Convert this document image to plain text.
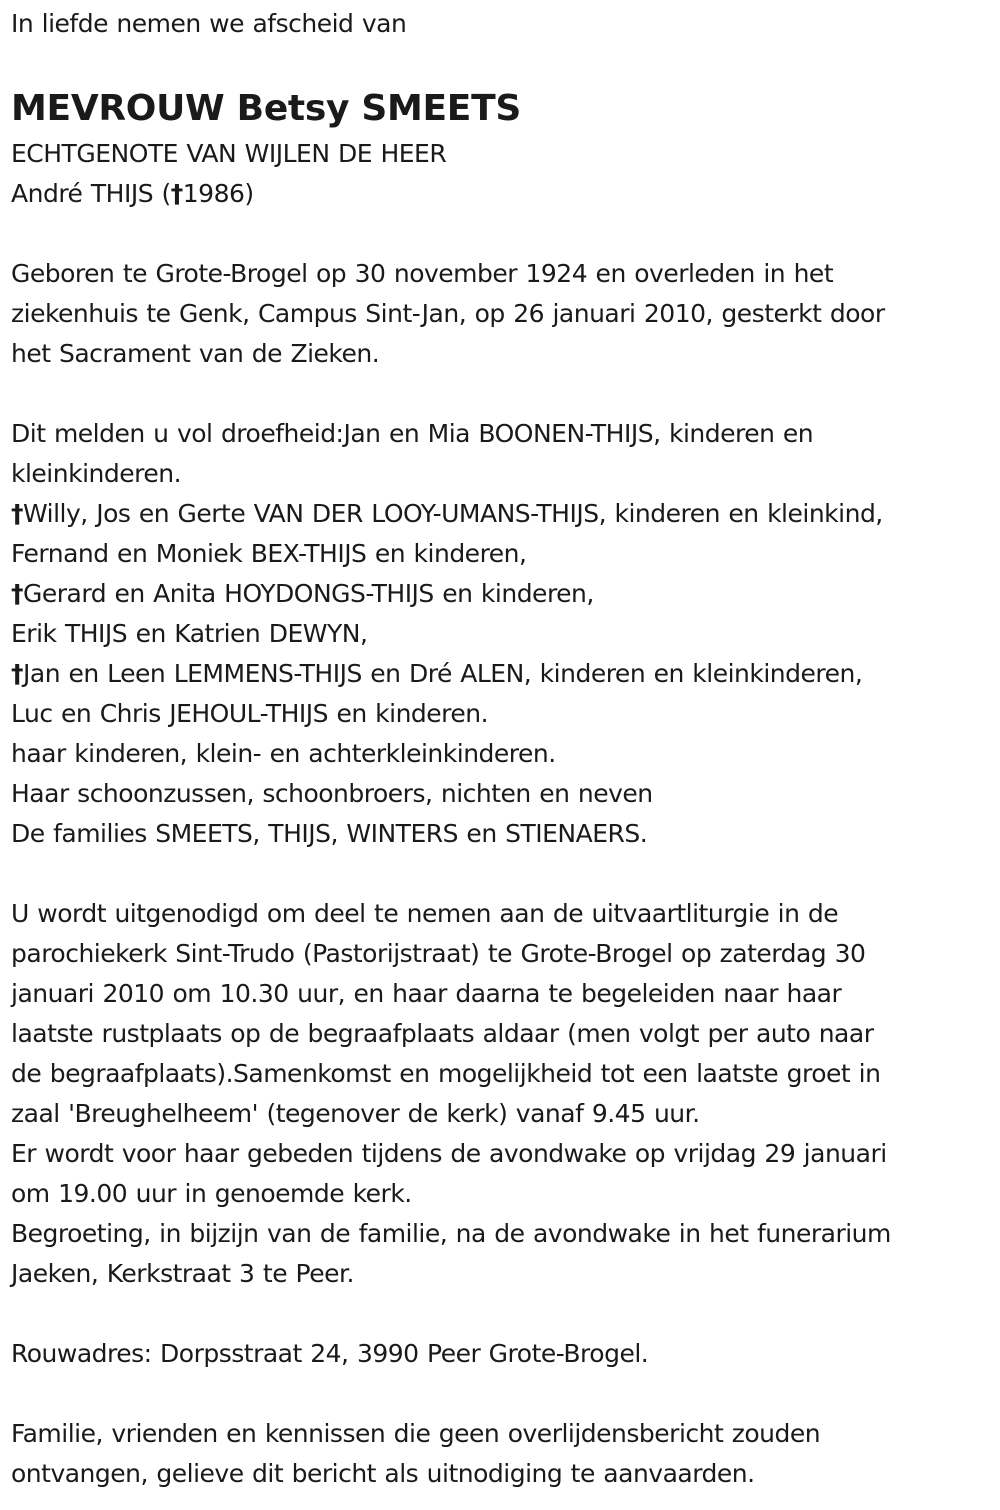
In liefde nemen we afscheid van
MEVROUW Betsy SMEETS
ECHTGENOTE VAN WIJLEN DE HEER
André THIJS (†1986)
Geboren te Grote-Brogel op 30 november 1924 en overleden in het
ziekenhuis te Genk, Campus Sint-Jan, op 26 januari 2010, gesterkt door
het Sacrament van de Zieken.
Dit melden u vol droefheid:Jan en Mia BOONEN-THIJS, kinderen en
kleinkinderen.
†Willy, Jos en Gerte VAN DER LOOY-UMANS-THIJS, kinderen en kleinkind,
Fernand en Moniek BEX-THIJS en kinderen,
†Gerard en Anita HOYDONGS-THIJS en kinderen,
Erik THIJS en Katrien DEWYN,
†Jan en Leen LEMMENS-THIJS en Dré ALEN, kinderen en kleinkinderen,
Luc en Chris JEHOUL-THIJS en kinderen.
haar kinderen, klein- en achterkleinkinderen.
Haar schoonzussen, schoonbroers, nichten en neven
De families SMEETS, THIJS, WINTERS en STIENAERS.
U wordt uitgenodigd om deel te nemen aan de uitvaartliturgie in de
parochiekerk Sint-Trudo (Pastorijstraat) te Grote-Brogel op zaterdag 30
januari 2010 om 10.30 uur, en haar daarna te begeleiden naar haar
laatste rustplaats op de begraafplaats aldaar (men volgt per auto naar
de begraafplaats).Samenkomst en mogelijkheid tot een laatste groet in
zaal 'Breughelheem' (tegenover de kerk) vanaf 9.45 uur.
Er wordt voor haar gebeden tijdens de avondwake op vrijdag 29 januari
om 19.00 uur in genoemde kerk.
Begroeting, in bijzijn van de familie, na de avondwake in het funerarium
Jaeken, Kerkstraat 3 te Peer.
Rouwadres: Dorpsstraat 24, 3990 Peer Grote-Brogel.
Familie, vrienden en kennissen die geen overlijdensbericht zouden
ontvangen, gelieve dit bericht als uitnodiging te aanvaarden.
